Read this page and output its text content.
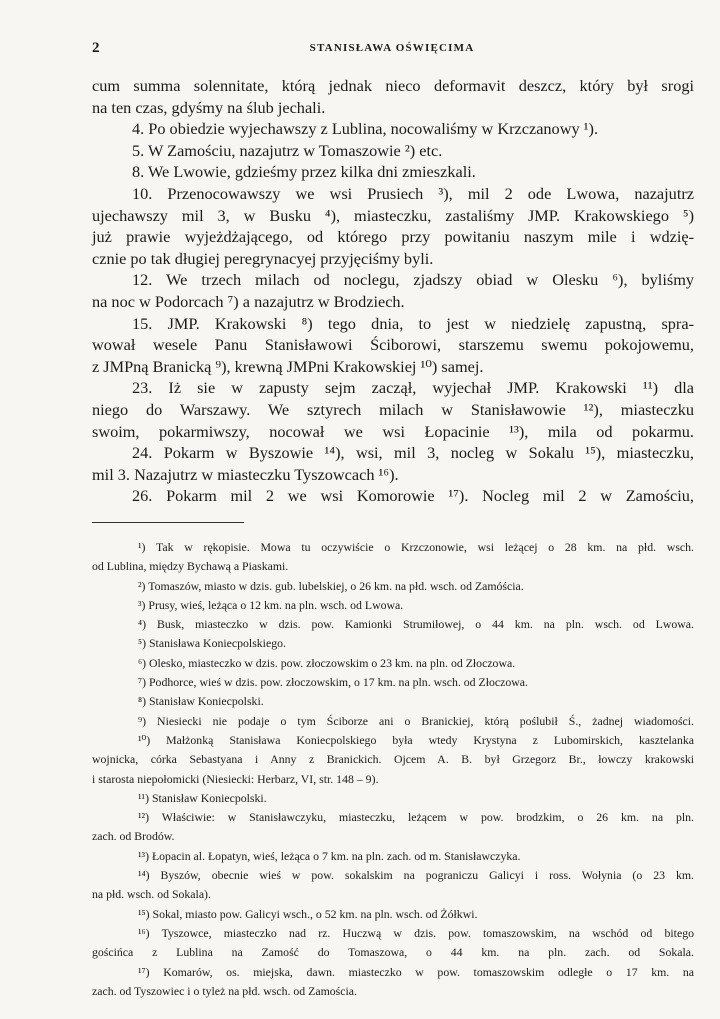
2	STANISŁAWA OŚWIĘCIMA
cum summa solennitate, którą jednak nieco deformavit deszcz, który był srogi
na ten czas, gdyśmy na ślub jechali.
4. Po obiedzie wyjechawszy z Lublina, nocowaliśmy w Krzczanowy ¹).
5. W Zamościu, nazajutrz w Tomaszowie ²) etc.
8. We Lwowie, gdzieśmy przez kilka dni zmieszkali.
10. Przenocowawszy we wsi Prusiech ³), mil 2 ode Lwowa, nazajutrz
ujechawszy mil 3, w Busku ⁴), miasteczku, zastaliśmy JMP. Krakowskiego ⁵)
już prawie wyjeżdżającego, od którego przy powitaniu naszym mile i wdzię-
cznie po tak długiej peregrynacyej przyjęciśmy byli.
12. We trzech milach od noclegu, zjadszy obiad w Olesku ⁶), byliśmy
na noc w Podorcach ⁷) a nazajutrz w Brodziech.
15. JMP. Krakowski ⁸) tego dnia, to jest w niedzielę zapustną, spra-
wował wesele Panu Stanisławowi Ściborowi, starszemu swemu pokojowemu,
z JMPną Branicką ⁹), krewną JMPni Krakowskiej ¹⁰) samej.
23. Iż sie w zapusty sejm zaczął, wyjechał JMP. Krakowski ¹¹) dla
niego do Warszawy. We sztyrech milach w Stanisławowie ¹²), miasteczku
swoim, pokarmiwszy, nocował we wsi Łopacinie ¹³), mila od pokarmu.
24. Pokarm w Byszowie ¹⁴), wsi, mil 3, nocleg w Sokalu ¹⁵), miasteczku,
mil 3. Nazajutrz w miasteczku Tyszowcach ¹⁶).
26. Pokarm mil 2 we wsi Komorowie ¹⁷). Nocleg mil 2 w Zamościu,
¹) Tak w rękopisie. Mowa tu oczywiście o Krzczonowie, wsi leżącej o 28 km. na płd. wsch.
od Lublina, między Bychawą a Piaskami.
²) Tomaszów, miasto w dzis. gub. lubelskiej, o 26 km. na płd. wsch. od Zamóścia.
³) Prusy, wieś, leżąca o 12 km. na pln. wsch. od Lwowa.
⁴) Busk, miasteczko w dzis. pow. Kamionki Strumiłowej, o 44 km. na pln. wsch. od Lwowa.
⁵) Stanisława Koniecpolskiego.
⁶) Olesko, miasteczko w dzis. pow. złoczowskim o 23 km. na pln. od Złoczowa.
⁷) Podhorce, wieś w dzis. pow. złoczowskim, o 17 km. na pln. wsch. od Złoczowa.
⁸) Stanisław Koniecpolski.
⁹) Niesiecki nie podaje o tym Ściborze ani o Branickiej, którą poślubił Ś., żadnej wiadomości.
¹⁰) Małżonką Stanisława Koniecpolskiego była wtedy Krystyna z Lubomirskich, kasztelanka
wojnicka, córka Sebastyana i Anny z Branickich. Ojcem A. B. był Grzegorz Br., łowczy krakowski
i starosta niepołomicki (Niesiecki: Herbarz, VI, str. 148 – 9).
¹¹) Stanisław Koniecpolski.
¹²) Właściwie: w Stanisławczyku, miasteczku, leżącem w pow. brodzkim, o 26 km. na pln.
zach. od Brodów.
¹³) Łopacin al. Łopatyn, wieś, leżąca o 7 km. na pln. zach. od m. Stanisławczyka.
¹⁴) Byszów, obecnie wieś w pow. sokalskim na pograniczu Galicyi i ross. Wołynia (o 23 km.
na płd. wsch. od Sokala).
¹⁵) Sokal, miasto pow. Galicyi wsch., o 52 km. na pln. wsch. od Żółkwi.
¹⁶) Tyszowce, miasteczko nad rz. Huczwą w dzis. pow. tomaszowskim, na wschód od bitego
gościńca z Lublina na Zamość do Tomaszowa, o 44 km. na pln. zach. od Sokala.
¹⁷) Komarów, os. miejska, dawn. miasteczko w pow. tomaszowskim odległe o 17 km. na
zach. od Tyszowiec i o tyleż na płd. wsch. od Zamościa.
